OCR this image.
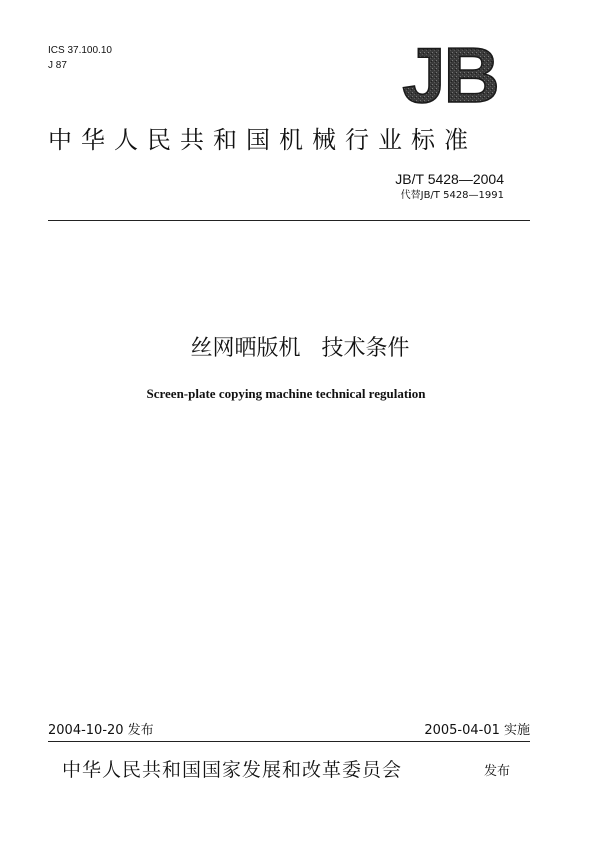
ICS 37.100.10
J 87	JB
中华人民共和国机械行业标准
JB/T 5428—2004
代替JB/T 5428—1991
丝网晒版机   技术条件
Screen-plate copying machine technical regulation
2004-10-20 发布	2005-04-01 实施
中华人民共和国国家发展和改革委员会	发布
